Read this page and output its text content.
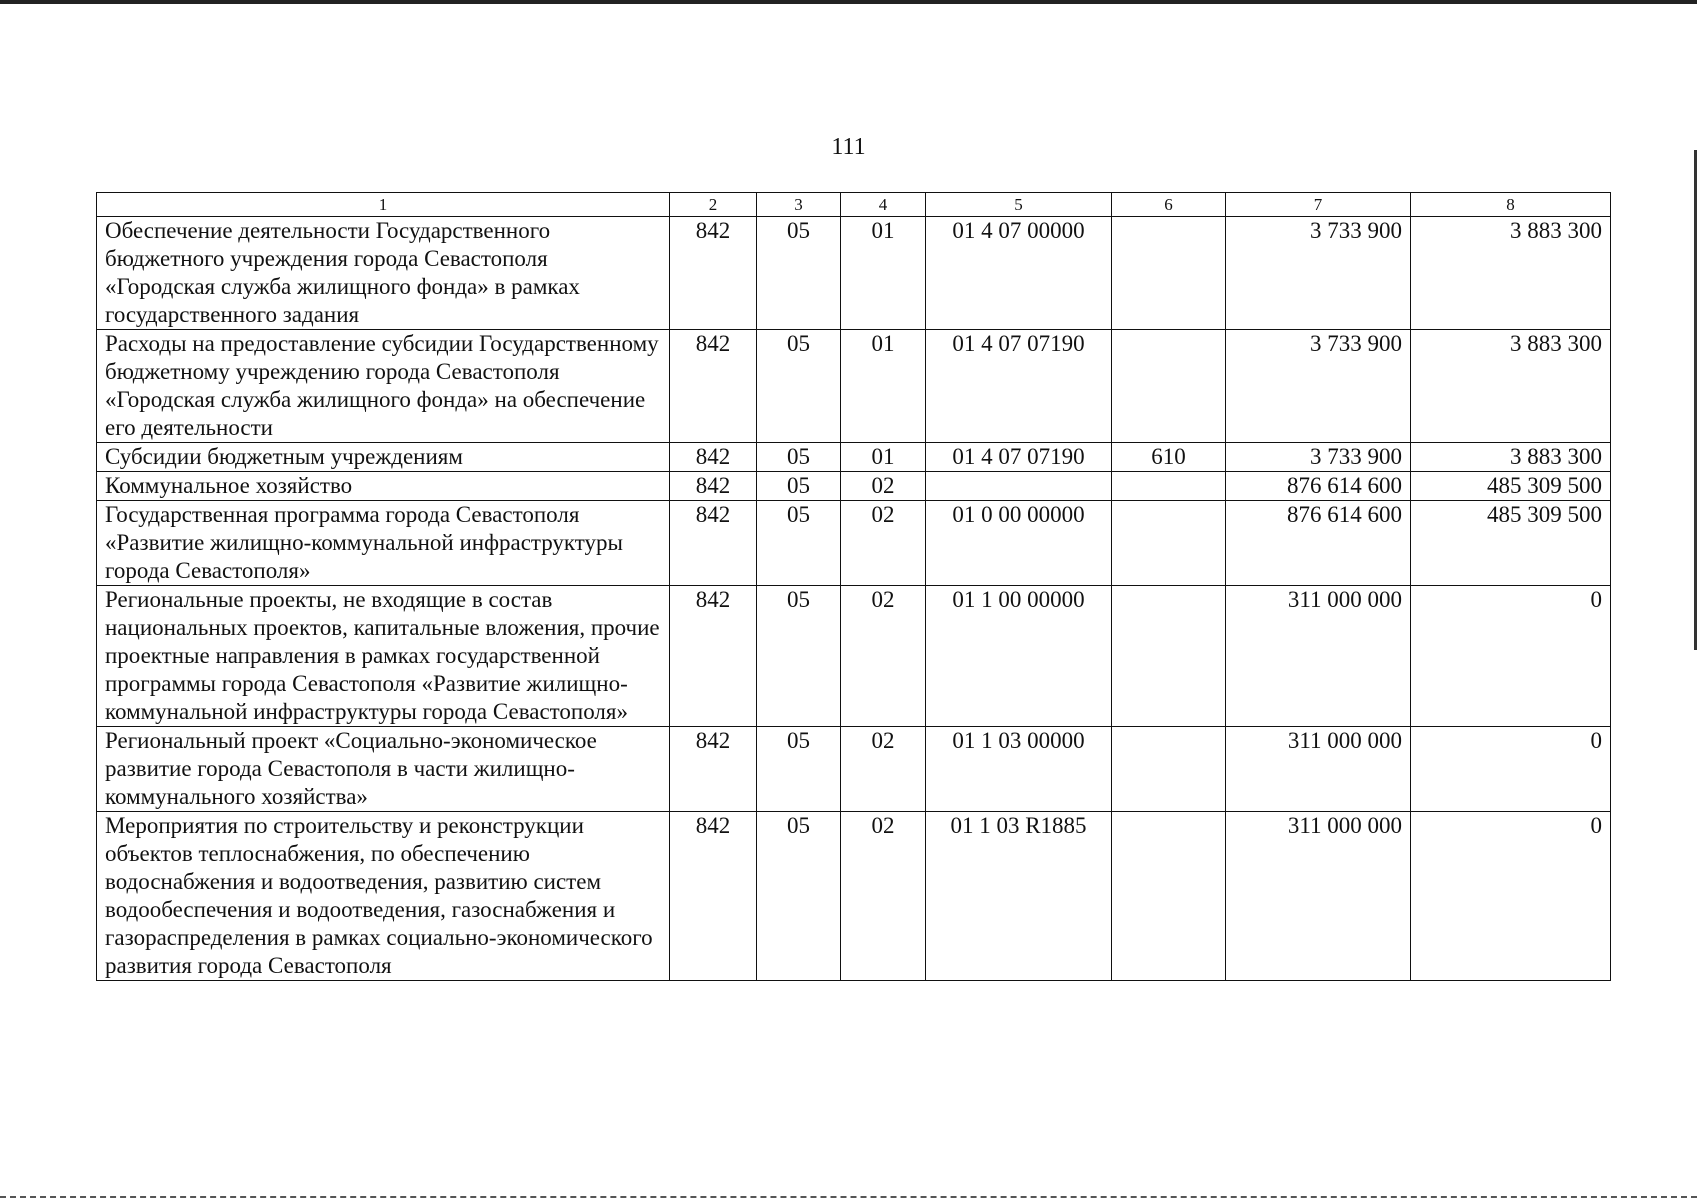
111
1	2	3	4	5	6	7	8
Обеспечение деятельности Государственного бюджетного учреждения города Севастополя «Городская служба жилищного фонда» в рамках государственного задания	842	05	01	01 4 07 00000		3 733 900	3 883 300
Расходы на предоставление субсидии Государственному бюджетному учреждению города Севастополя «Городская служба жилищного фонда» на обеспечение его деятельности	842	05	01	01 4 07 07190		3 733 900	3 883 300
Субсидии бюджетным учреждениям	842	05	01	01 4 07 07190	610	3 733 900	3 883 300
Коммунальное хозяйство	842	05	02			876 614 600	485 309 500
Государственная программа города Севастополя «Развитие жилищно-коммунальной инфраструктуры города Севастополя»	842	05	02	01 0 00 00000		876 614 600	485 309 500
Региональные проекты, не входящие в состав национальных проектов, капитальные вложения, прочие проектные направления в рамках государственной программы города Севастополя «Развитие жилищно-коммунальной инфраструктуры города Севастополя»	842	05	02	01 1 00 00000		311 000 000	0
Региональный проект «Социально-экономическое развитие города Севастополя в части жилищно-коммунального хозяйства»	842	05	02	01 1 03 00000		311 000 000	0
Мероприятия по строительству и реконструкции объектов теплоснабжения, по обеспечению водоснабжения и водоотведения, развитию систем водообеспечения и водоотведения, газоснабжения и газораспределения в рамках социально-экономического развития города Севастополя	842	05	02	01 1 03 R1885		311 000 000	0
